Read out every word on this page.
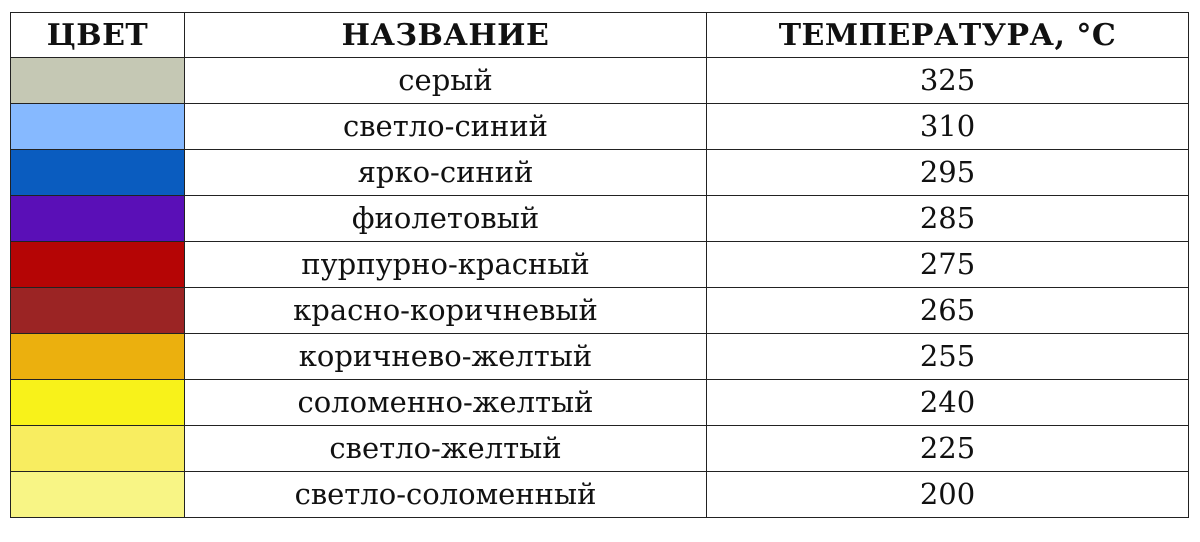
ЦВЕТ	НАЗВАНИЕ	ТЕМПЕРАТУРА, °С

	серый	325

	светло-синий	310

	ярко-синий	295

	фиолетовый	285

	пурпурно-красный	275

	красно-коричневый	265

	коричнево-желтый	255

	соломенно-желтый	240

	светло-желтый	225

	светло-соломенный	200
